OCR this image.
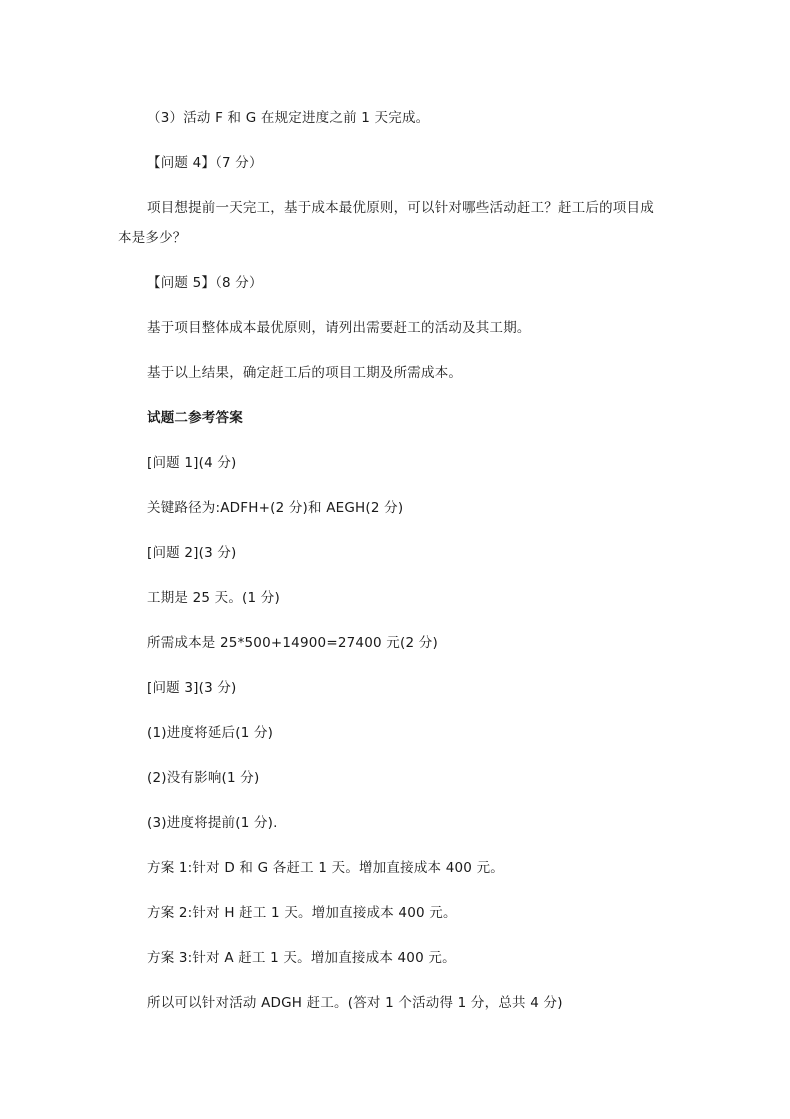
（3）活动 F 和 G 在规定进度之前 1 天完成。
【问题 4】（7 分）
项目想提前一天完工，基于成本最优原则，可以针对哪些活动赶工？赶工后的项目成
本是多少？
【问题 5】（8 分）
基于项目整体成本最优原则，请列出需要赶工的活动及其工期。
基于以上结果，确定赶工后的项目工期及所需成本。
试题二参考答案
[问题 1](4 分)
关键路径为:ADFH+(2 分)和 AEGH(2 分)
[问题 2](3 分)
工期是 25 天。(1 分)
所需成本是 25*500+14900=27400 元(2 分)
[问题 3](3 分)
(1)进度将延后(1 分)
(2)没有影响(1 分)
(3)进度将提前(1 分).
方案 1:针对 D 和 G 各赶工 1 天。增加直接成本 400 元。
方案 2:针对 H 赶工 1 天。增加直接成本 400 元。
方案 3:针对 A 赶工 1 天。增加直接成本 400 元。
所以可以针对活动 ADGH 赶工。(答对 1 个活动得 1 分，总共 4 分)
